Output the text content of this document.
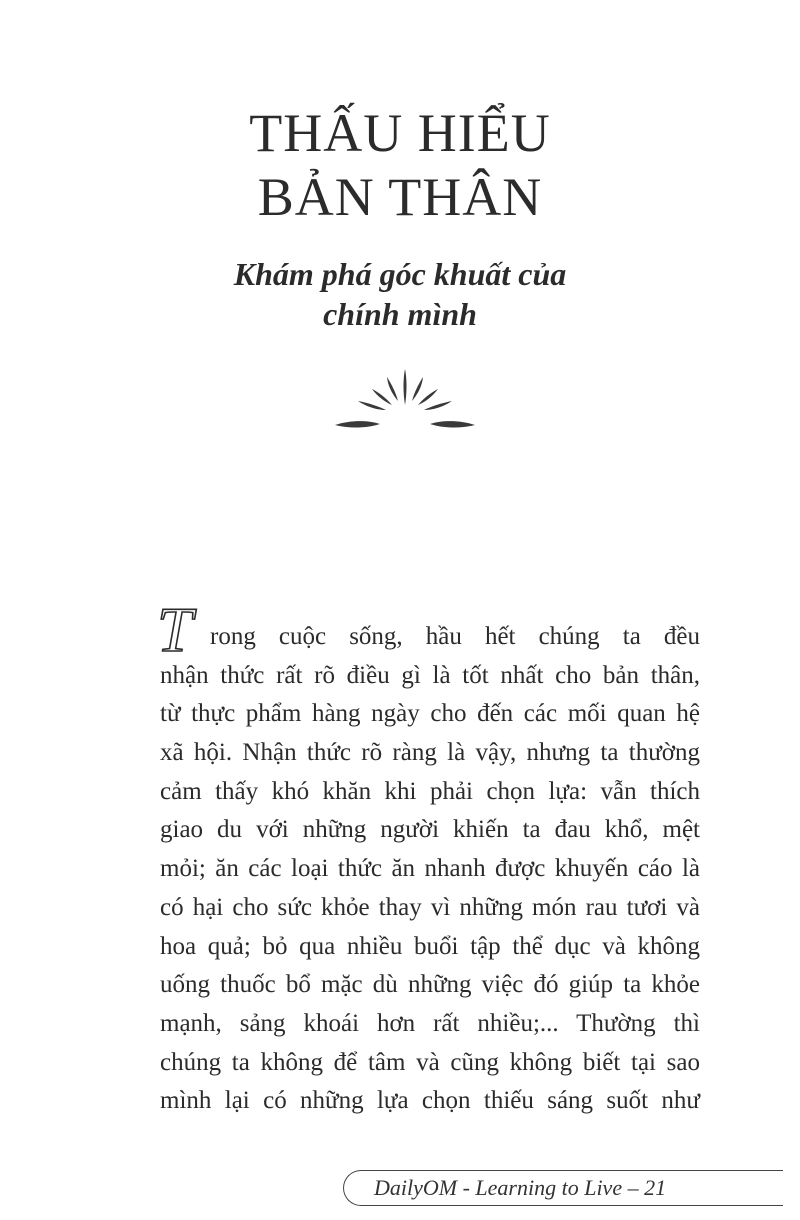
THẤU HIỂU
BẢN THÂN
Khám phá góc khuất của
chính mình
T rong cuộc sống, hầu hết chúng ta đều
nhận thức rất rõ điều gì là tốt nhất cho bản thân,
từ thực phẩm hàng ngày cho đến các mối quan hệ
xã hội. Nhận thức rõ ràng là vậy, nhưng ta thường
cảm thấy khó khăn khi phải chọn lựa: vẫn thích
giao du với những người khiến ta đau khổ, mệt
mỏi; ăn các loại thức ăn nhanh được khuyến cáo là
có hại cho sức khỏe thay vì những món rau tươi và
hoa quả; bỏ qua nhiều buổi tập thể dục và không
uống thuốc bổ mặc dù những việc đó giúp ta khỏe
mạnh, sảng khoái hơn rất nhiều;... Thường thì
chúng ta không để tâm và cũng không biết tại sao
mình lại có những lựa chọn thiếu sáng suốt như
DailyOM - Learning to Live – 21
